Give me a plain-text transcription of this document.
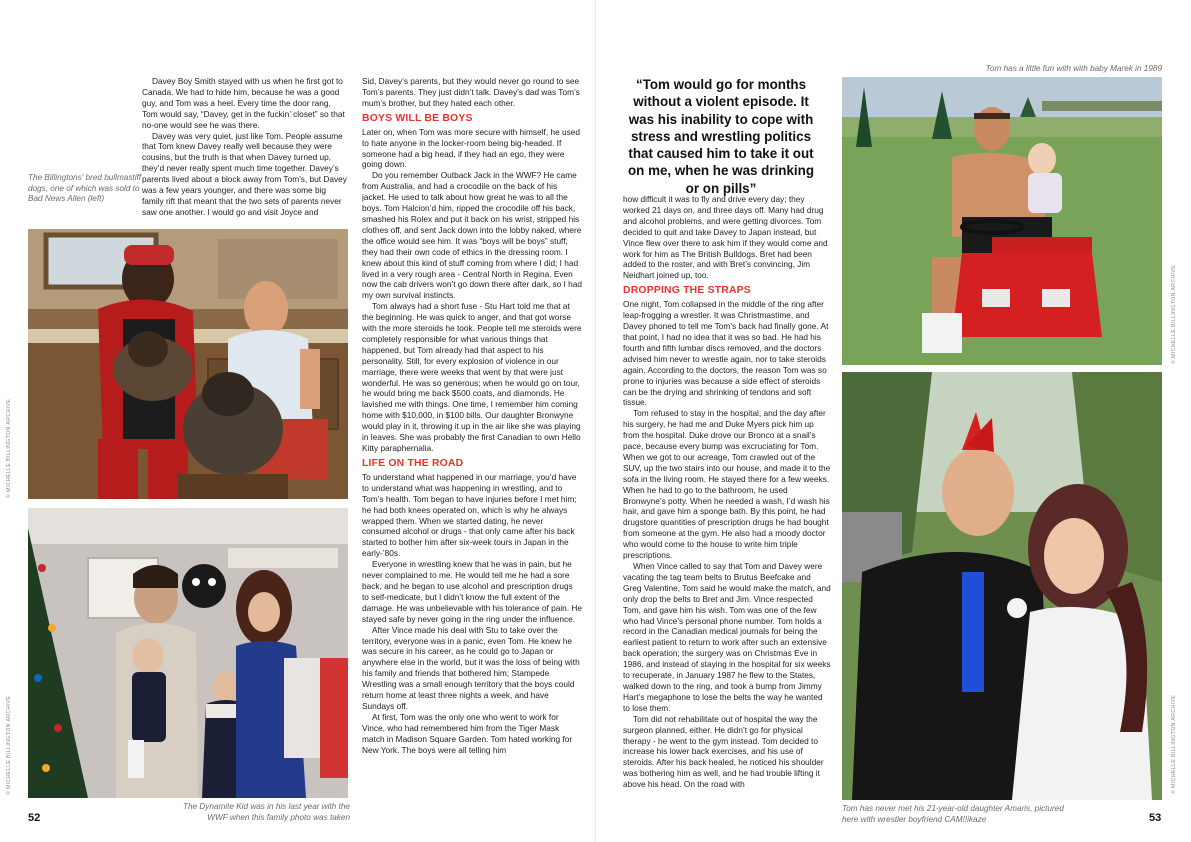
The Billingtons' bred bullmastiff dogs, one of which was sold to Bad News Allen (left)

Davey Boy Smith stayed with us when he first got to Canada. We had to hide him, because he was a good guy, and Tom was a heel. Every time the door rang, Tom would say, “Davey, get in the fuckin’ closet” so that no-one would see he was there.

Davey was very quiet, just like Tom. People assume that Tom knew Davey really well because they were cousins, but the truth is that when Davey turned up, they’d never really spent much time together. Davey’s parents lived about a block away from Tom’s, but Davey was a few years younger, and there was some big family rift that meant that the two sets of parents never saw one another. I would go and visit Joyce and

© MICHELLE BILLINGTON ARCHIVE
© MICHELLE BILLINGTON ARCHIVE
The Dynamite Kid was in his last year with the WWF when this family photo was taken
52

Sid, Davey’s parents, but they would never go round to see Tom’s parents. They just didn’t talk. Davey’s dad was Tom’s mum’s brother, but they hated each other.

BOYS WILL BE BOYS

Later on, when Tom was more secure with himself, he used to hate anyone in the locker-room being big-headed. If someone had a big head, if they had an ego, they were going down.

Do you remember Outback Jack in the WWF? He came from Australia, and had a crocodile on the back of his jacket. He used to talk about how great he was to all the boys. Tom Halcion’d him, ripped the crocodile off his back, smashed his Rolex and put it back on his wrist, stripped his clothes off, and sent Jack down into the lobby naked, where the office would see him. It was “boys will be boys” stuff; they had their own code of ethics in the dressing room. I knew about this kind of stuff coming from where I did; I had lived in a very rough area - Central North in Regina. Even now the cab drivers won’t go down there after dark, so I had my own survival instincts.

Tom always had a short fuse - Stu Hart told me that at the beginning. He was quick to anger, and that got worse with the more steroids he took. People tell me steroids were completely responsible for what various things that happened, but Tom already had that aspect to his personality. Still, for every explosion of violence in our marriage, there were weeks that went by that were just wonderful. He was so generous; when he would go on tour, he would bring me back $500 coats, and diamonds. He lavished me with things. One time, I remember him coming home with $10,000, in $100 bills. Our daughter Bronwyne would play in it, throwing it up in the air like she was playing in leaves. She was probably the first Canadian to own Hello Kitty paraphernalia.

LIFE ON THE ROAD

To understand what happened in our marriage, you’d have to understand what was happening in wrestling, and to Tom’s health. Tom began to have injuries before I met him; he had both knees operated on, which is why he always wrapped them. When we started dating, he never consumed alcohol or drugs - that only came after his back started to bother him after six-week tours in Japan in the early-’80s.

Everyone in wrestling knew that he was in pain, but he never complained to me. He would tell me he had a sore back, and he began to use alcohol and prescription drugs to self-medicate, but I didn’t know the full extent of the damage. He was unbelievable with his tolerance of pain. He stayed safe by never going in the ring under the influence.

After Vince made his deal with Stu to take over the territory, everyone was in a panic, even Tom. He knew he was secure in his career, as he could go to Japan or anywhere else in the world, but it was the loss of being with his family and friends that bothered him; Stampede Wrestling was a small enough territory that the boys could return home at least three nights a week, and have Sundays off.

At first, Tom was the only one who went to work for Vince, who had remembered him from the Tiger Mask match in Madison Square Garden. Tom hated working for New York. The boys were all telling him

“Tom would go for months without a violent episode. It was his inability to cope with stress and wrestling politics that caused him to take it out on me, when he was drinking or on pills”

how difficult it was to fly and drive every day; they worked 21 days on, and three days off. Many had drug and alcohol problems, and were getting divorces. Tom decided to quit and take Davey to Japan instead, but Vince flew over there to ask him if they would come and work for him as The British Bulldogs. Bret had been added to the roster, and with Bret’s convincing, Jim Neidhart joined up, too.

DROPPING THE STRAPS

One night, Tom collapsed in the middle of the ring after leap-frogging a wrestler. It was Christmastime, and Davey phoned to tell me Tom’s back had finally gone. At that point, I had no idea that it was so bad. He had his fourth and fifth lumbar discs removed, and the doctors advised him never to wrestle again, nor to take steroids again. According to the doctors, the reason Tom was so prone to injuries was because a side effect of steroids can be the drying and shrinking of tendons and soft tissue.

Tom refused to stay in the hospital, and the day after his surgery, he had me and Duke Myers pick him up from the hospital. Duke drove our Bronco at a snail’s pace, because every bump was excruciating for Tom. When we got to our acreage, Tom crawled out of the SUV, up the two stairs into our house, and made it to the sofa in the living room. He stayed there for a few weeks. When he had to go to the bathroom, he used Bronwyne’s potty. When he needed a wash, I’d wash his hair, and gave him a sponge bath. By this point, he had drugstore quantities of prescription drugs he had bought from someone at the gym. He also had a moody doctor who would come to the house to write him triple prescriptions.

When Vince called to say that Tom and Davey were vacating the tag team belts to Brutus Beefcake and Greg Valentine, Tom said he would make the match, and only drop the belts to Bret and Jim. Vince respected Tom, and gave him his wish. Tom was one of the few who had Vince’s personal phone number. Tom holds a record in the Canadian medical journals for being the earliest patient to return to work after such an extensive back operation; the surgery was on Christmas Eve in 1986, and instead of staying in the hospital for six weeks to recuperate, in January 1987 he flew to the States, walked down to the ring, and took a bump from Jimmy Hart’s megaphone to lose the belts the way he wanted to lose them.

Tom did not rehabilitate out of hospital the way the surgeon planned, either. He didn’t go for physical therapy - he went to the gym instead. Tom decided to increase his lower back exercises, and his use of steroids. After his back healed, he noticed his shoulder was bothering him as well, and he had trouble lifting it above his head. On the road with

Tom has a little fun with with baby Marek in 1989
© MICHELLE BILLINGTON ARCHIVE
© MICHELLE BILLINGTON ARCHIVE
Tom has never met his 21-year-old daughter Amaris, pictured here with wrestler boyfriend CAM!!ikaze	53
